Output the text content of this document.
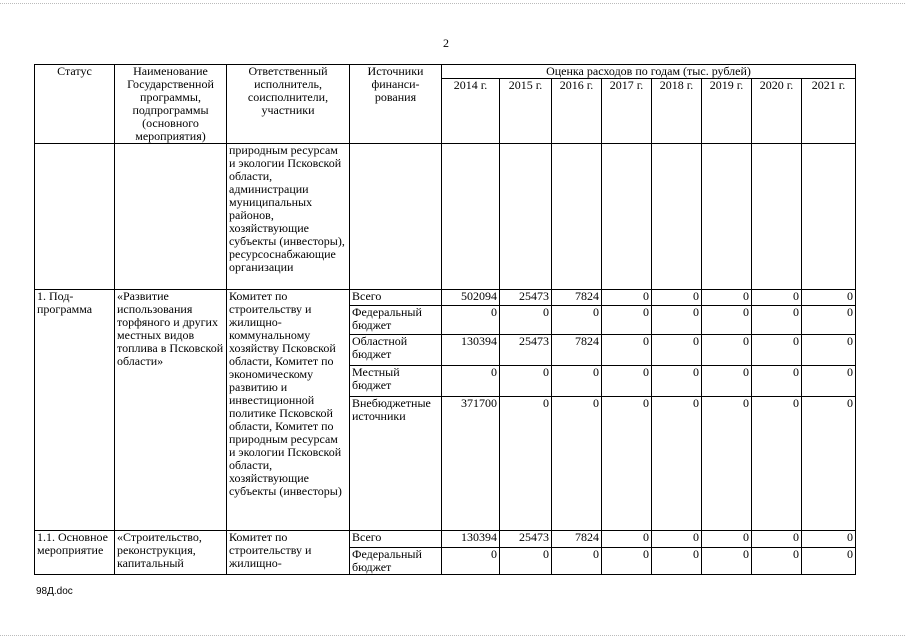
2
Статус	Наименование Государственной программы, подпрограммы (основного мероприятия)	Ответственный исполнитель, соисполнители, участники	Источники финанси-рования	Оценка расходов по годам (тыс. рублей)							
				2014 г.	2015 г.	2016 г.	2017 г.	2018 г.	2019 г.	2020 г.	2021 г.
		природным ресурсам и экологии Псковской области, администрации муниципальных районов, хозяйствующие субъекты (инвесторы), ресурсоснабжающие организации									
1. Под-программа	«Развитие использования торфяного и других местных видов топлива в Псковской области»	Комитет по строительству и жилищно-коммунальному хозяйству Псковской области, Комитет по экономическому развитию и инвестиционной политике Псковской области, Комитет по природным ресурсам и экологии Псковской области, хозяйствующие субъекты (инвесторы)	Всего	502094	25473	7824	0	0	0	0	0
			Федеральный бюджет	0	0	0	0	0	0	0	0
			Областной бюджет	130394	25473	7824	0	0	0	0	0
			Местный бюджет	0	0	0	0	0	0	0	0
			Внебюджетные источники	371700	0	0	0	0	0	0	0
1.1. Основное мероприятие	«Строительство, реконструкция, капитальный	Комитет по строительству и жилищно-	Всего	130394	25473	7824	0	0	0	0	0
			Федеральный бюджет	0	0	0	0	0	0	0	0
98Д.doc
